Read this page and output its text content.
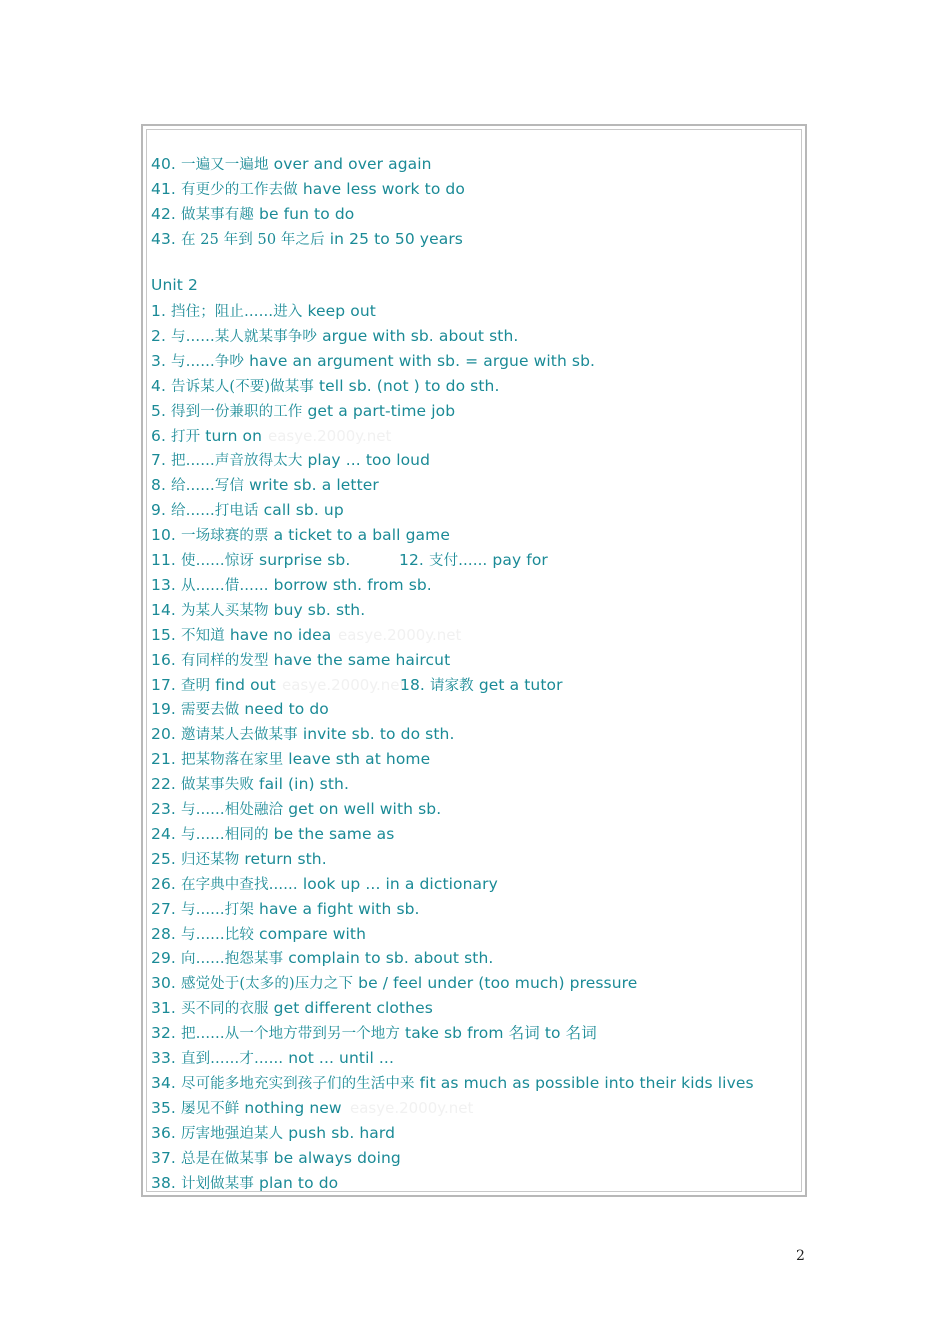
easye.2000y.net
easye.2000y.net
easye.2000y.net
easye.2000y.net
40. 一遍又一遍地 over and over again
41. 有更少的工作去做 have less work to do
42. 做某事有趣 be fun to do
43. 在 25 年到 50 年之后 in 25 to 50 years
Unit 2
1. 挡住；阻止……进入 keep out
2. 与……某人就某事争吵 argue with sb. about sth.
3. 与……争吵 have an argument with sb. = argue with sb.
4. 告诉某人(不要)做某事 tell sb. (not ) to do sth.
5. 得到一份兼职的工作 get a part-time job
6. 打开 turn on
7. 把……声音放得太大 play ... too loud
8. 给……写信 write sb. a letter
9. 给……打电话 call sb. up
10. 一场球赛的票 a ticket to a ball game
11. 使……惊讶 surprise sb.	12. 支付…… pay for
13. 从……借…… borrow sth. from sb.
14. 为某人买某物 buy sb. sth.
15. 不知道 have no idea
16. 有同样的发型 have the same haircut
17. 查明 find out	18. 请家教 get a tutor
19. 需要去做 need to do
20. 邀请某人去做某事 invite sb. to do sth.
21. 把某物落在家里 leave sth at home
22. 做某事失败 fail (in) sth.
23. 与……相处融洽 get on well with sb.
24. 与……相同的 be the same as
25. 归还某物 return sth.
26. 在字典中查找…… look up ... in a dictionary
27. 与……打架 have a fight with sb.
28. 与……比较 compare with
29. 向……抱怨某事 complain to sb. about sth.
30. 感觉处于(太多的)压力之下 be / feel under (too much) pressure
31. 买不同的衣服 get different clothes
32. 把……从一个地方带到另一个地方 take sb from 名词 to 名词
33. 直到……才…… not ... until ...
34. 尽可能多地充实到孩子们的生活中来 fit as much as possible into their kids lives
35. 屡见不鲜 nothing new
36. 厉害地强迫某人 push sb. hard
37. 总是在做某事 be always doing
38. 计划做某事 plan to do
2
